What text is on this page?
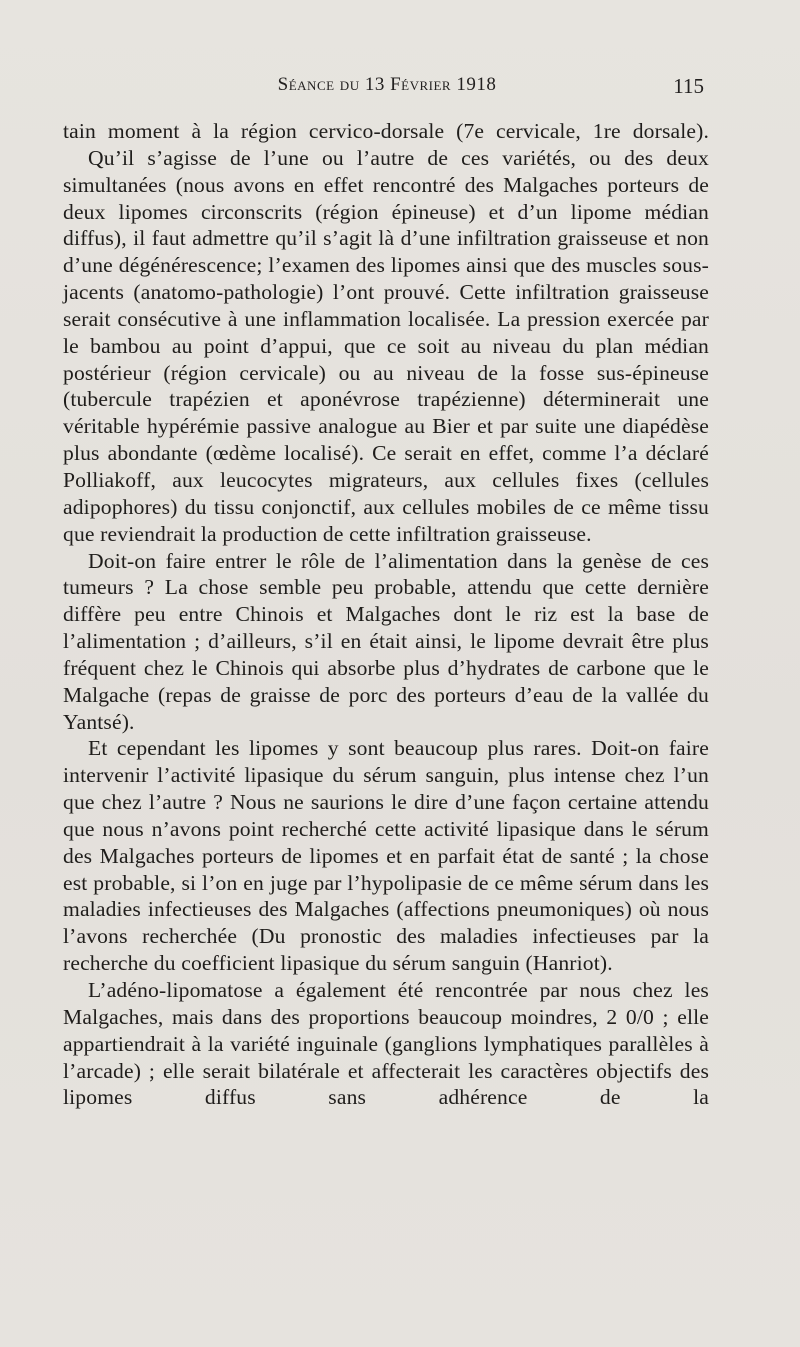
Séance du 13 Février 1918	115

tain moment à la région cervico-dorsale (7e cervicale, 1re dorsale).

Qu’il s’agisse de l’une ou l’autre de ces variétés, ou des deux simultanées (nous avons en effet rencontré des Malgaches porteurs de deux lipomes circonscrits (région épineuse) et d’un lipome médian diffus), il faut admettre qu’il s’agit là d’une infiltration graisseuse et non d’une dégénérescence; l’examen des lipomes ainsi que des muscles sous-jacents (anatomo-pathologie) l’ont prouvé. Cette infiltration graisseuse serait consécutive à une inflammation localisée. La pression exercée par le bambou au point d’appui, que ce soit au niveau du plan médian postérieur (région cervicale) ou au niveau de la fosse sus-épineuse (tubercule trapézien et aponévrose trapézienne) déterminerait une véritable hypérémie passive analogue au Bier et par suite une diapédèse plus abondante (œdème localisé). Ce serait en effet, comme l’a déclaré Polliakoff, aux leucocytes migrateurs, aux cellules fixes (cellules adipophores) du tissu conjonctif, aux cellules mobiles de ce même tissu que reviendrait la production de cette infiltration graisseuse.

Doit-on faire entrer le rôle de l’alimentation dans la genèse de ces tumeurs ? La chose semble peu probable, attendu que cette dernière diffère peu entre Chinois et Malgaches dont le riz est la base de l’alimentation ; d’ailleurs, s’il en était ainsi, le lipome devrait être plus fréquent chez le Chinois qui absorbe plus d’hydrates de carbone que le Malgache (repas de graisse de porc des porteurs d’eau de la vallée du Yantsé).

Et cependant les lipomes y sont beaucoup plus rares. Doit-on faire intervenir l’activité lipasique du sérum sanguin, plus intense chez l’un que chez l’autre ? Nous ne saurions le dire d’une façon certaine attendu que nous n’avons point recherché cette activité lipasique dans le sérum des Malgaches porteurs de lipomes et en parfait état de santé ; la chose est probable, si l’on en juge par l’hypolipasie de ce même sérum dans les maladies infectieuses des Malgaches (affections pneumoniques) où nous l’avons recherchée (Du pronostic des maladies infectieuses par la recherche du coefficient lipasique du sérum sanguin (Hanriot).

L’adéno-lipomatose a également été rencontrée par nous chez les Malgaches, mais dans des proportions beaucoup moindres, 2 0/0 ; elle appartiendrait à la variété inguinale (ganglions lymphatiques parallèles à l’arcade) ; elle serait bilatérale et affecterait les caractères objectifs des lipomes diffus sans adhérence de la
